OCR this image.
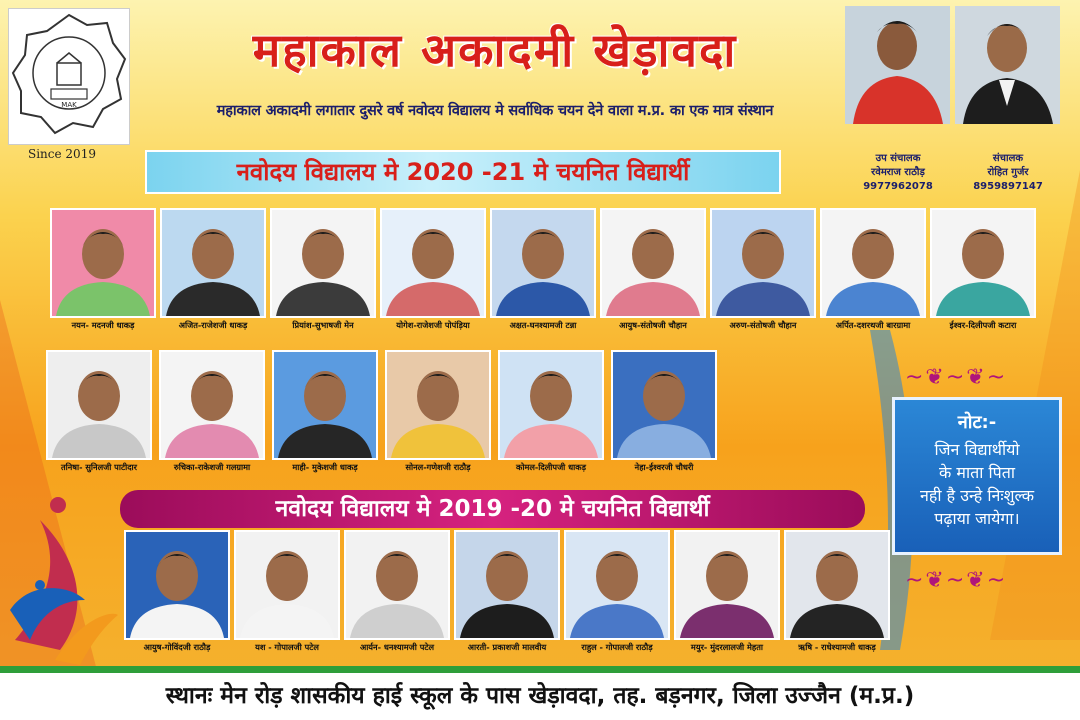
MAK
Since 2019
महाकाल अकादमी खेड़ावदा
महाकाल अकादमी लगातार दुसरे वर्ष नवोदय विद्यालय मे सर्वाधिक चयन देने वाला म.प्र. का एक मात्र संस्थान
नवोदय विद्यालय मे 2020 -21 मे चयनित विद्यार्थी	उप संचालक
रवेमराज राठौड़
9977962078
संचालक
रोहित गुर्जर
8959897147
नयन- मदनजी धाकड़	अजित-राजेशजी धाकड़	प्रियांश-सुभाषजी मेन	योगेश-राजेशजी पोपंड़िया	अक्षत-घनश्यामजी टन्ना	आयुष-संतोषजी चौहान	अरुण-संतोषजी चौहान	अर्पित-दशरथजी बारग्रामा	ईश्वर-दिलीपजी कटारा
तनिषा- सुनिलजी पाटीदार	रुचिका-राकेशजी गलग्रामा	माही- मुकेशजी धाकड़	सोनल-गणेशजी राठौड़	कोमल-दिलीपजी धाकड़	नेहा-ईश्वरजी चौधरी
नवोदय विद्यालय मे 2019 -20 मे चयनित विद्यार्थी
आयुष-गोविंदजी राठौड़	यश - गोपालजी पटेल	आर्यन- धनश्यामजी पटेल	आरती- प्रकाशजी मालवीय	राहुल - गोपालजी राठौड़	मयुर- मुंदरलालजी मेहता	ऋषि - राधेश्यामजी धाकड़
~❦~❦~
नोट:-
जिन विद्यार्थीयो
के माता पिता
नही है उन्हे निःशुल्क
पढ़ाया जायेगा।
~❦~❦~
स्थानः मेन रोड़ शासकीय हाई स्कूल के पास खेड़ावदा, तह. बड़नगर, जिला उज्जैन (म.प्र.)
